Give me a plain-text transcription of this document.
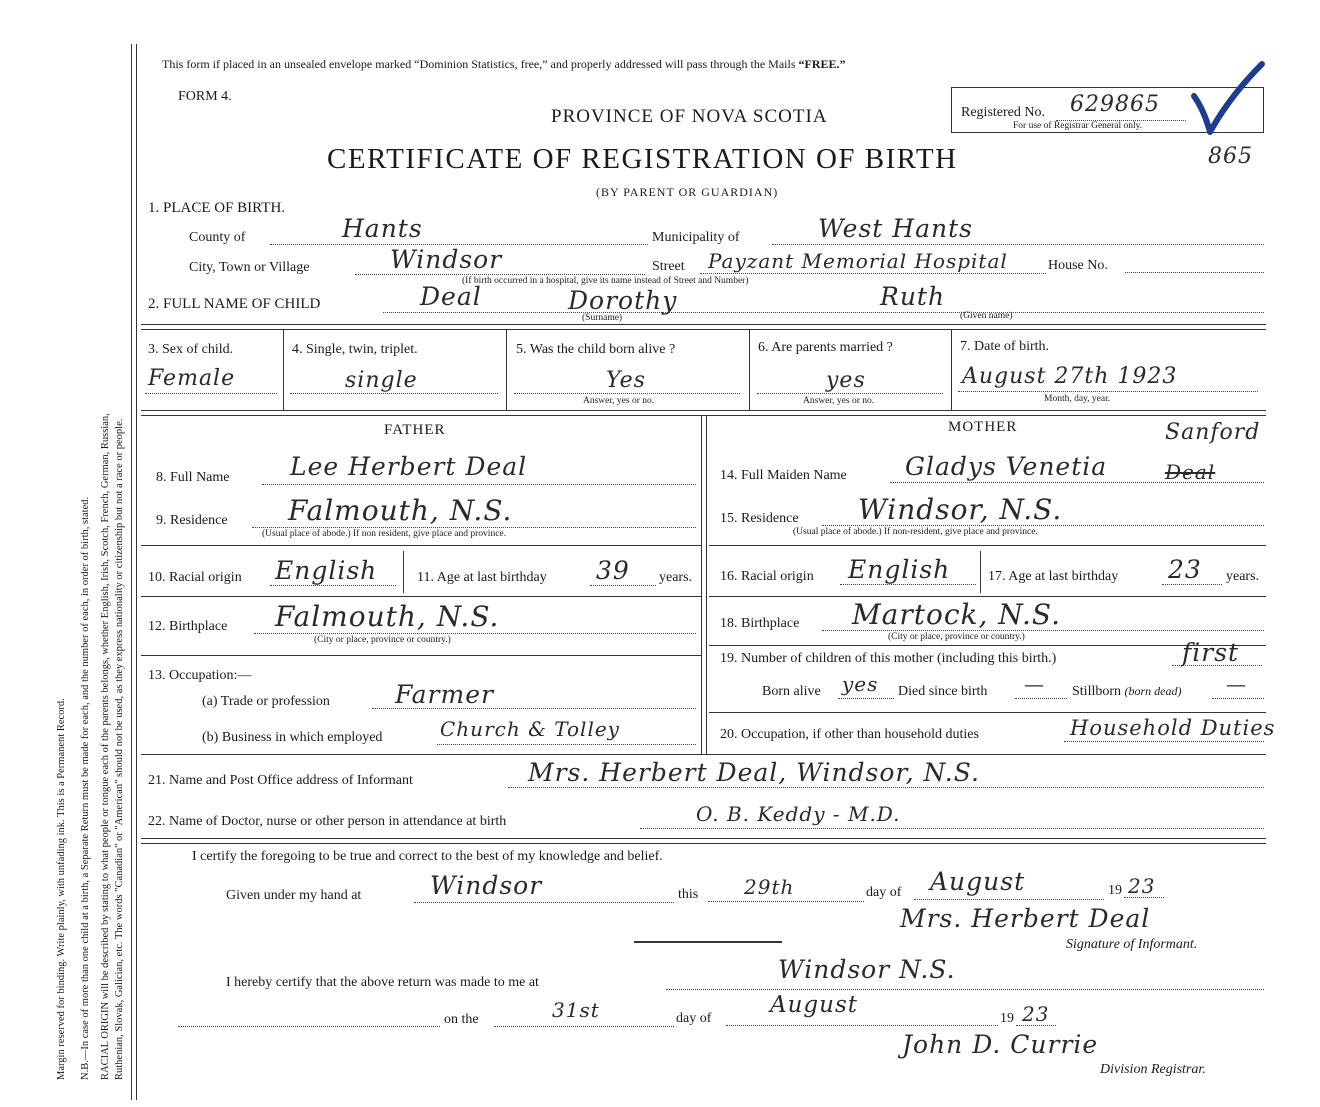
Margin reserved for binding. Write plainly, with unfading ink. This is a Permanent Record. N.B.—In case of more than one child at a birth, a Separate Return must be made for each, and the number of each, in order of birth, stated. RACIAL ORIGIN will be described by stating to what people or tongue each of the parents belongs, whether English, Irish, Scotch, French, German, Russian, Ruthenian, Slovak, Galician, etc. The words "Canadian" or "American" should not be used, as they express nationality or citizenship but not a race or people.
This form if placed in an unsealed envelope marked “Dominion Statistics, free,” and properly addressed will pass through the Mails “FREE.”
FORM 4.
PROVINCE OF NOVA SCOTIA
CERTIFICATE OF REGISTRATION OF BIRTH
(BY PARENT OR GUARDIAN)
Registered No. 629865
For use of Registrar General only.
865
1. PLACE OF BIRTH.
County of	Hants	Municipality of	West Hants
City, Town or Village	Windsor	Street Payzant Memorial Hospital	House No.
(If birth occurred in a hospital, give its name instead of Street and Number)
2. FULL NAME OF CHILD	Deal	Dorothy	Ruth
(Surname)	(Given name)
3. Sex of child.
Female
4. Single, twin, triplet.
single
5. Was the child born alive ?
Yes
Answer, yes or no.
6. Are parents married ?
yes
Answer, yes or no.
7. Date of birth.
August 27th 1923
Month, day, year.
FATHER	MOTHER
8. Full Name Lee Herbert Deal	14. Full Maiden Name Gladys Venetia	Deal
Sanford
9. Residence Falmouth, N.S.
(Usual place of abode.) If non resident, give place and province.
15. Residence Windsor, N.S.
(Usual place of abode.) If non-resident, give place and province.
10. Racial origin English	11. Age at last birthday 39 years. 16. Racial origin English	17. Age at last birthday 23 years.
12. Birthplace Falmouth, N.S.
(City or place, province or country.)
18. Birthplace Martock, N.S.
(City or place, province or country.)
13. Occupation:—
(a) Trade or profession	Farmer
(b) Business in which employed	Church & Tolley
19. Number of children of this mother (including this birth.)	first
Born alive yes Died since birth — Stillborn (born dead) —
20. Occupation, if other than household duties	Household Duties
21. Name and Post Office address of Informant	Mrs. Herbert Deal, Windsor, N.S.
22. Name of Doctor, nurse or other person in attendance at birth	O. B. Keddy - M.D.
I certify the foregoing to be true and correct to the best of my knowledge and belief.
Given under my hand at	Windsor	this 29th	day of August	19 23
Mrs. Herbert Deal
Signature of Informant.
I hereby certify that the above return was made to me at	Windsor N.S.
on the	31st	day of
August
19 23
John D. Currie
Division Registrar.
